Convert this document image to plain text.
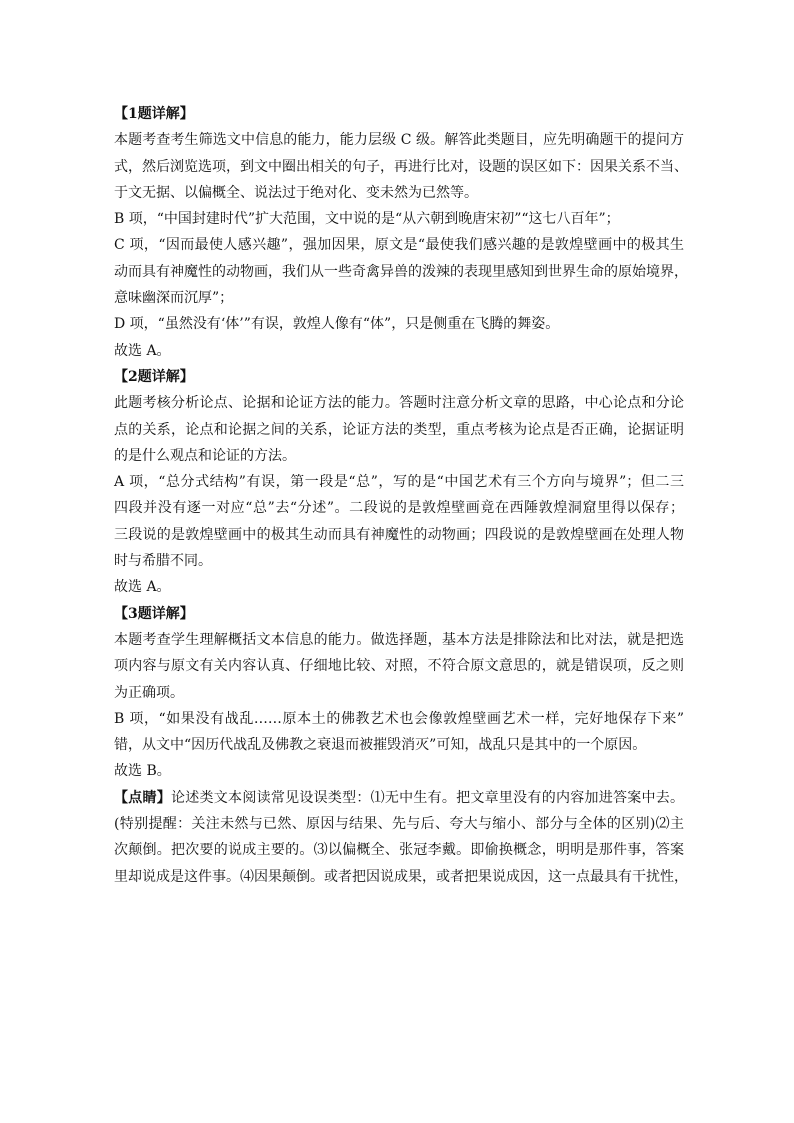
【1题详解】
本题考查考生筛选文中信息的能力，能力层级 C 级。解答此类题目，应先明确题干的提问方
式，然后浏览选项，到文中圈出相关的句子，再进行比对，设题的误区如下：因果关系不当、
于文无据、以偏概全、说法过于绝对化、变未然为已然等。
B 项，“中国封建时代”扩大范围，文中说的是“从六朝到晚唐宋初”“这七八百年”；
C 项，“因而最使人感兴趣”，强加因果，原文是“最使我们感兴趣的是敦煌壁画中的极其生
动而具有神魔性的动物画，我们从一些奇禽异兽的泼辣的表现里感知到世界生命的原始境界，
意味幽深而沉厚”；
D 项，“虽然没有‘体’”有误，敦煌人像有“体”，只是侧重在飞腾的舞姿。
故选 A。
【2题详解】
此题考核分析论点、论据和论证方法的能力。答题时注意分析文章的思路，中心论点和分论
点的关系，论点和论据之间的关系，论证方法的类型，重点考核为论点是否正确，论据证明
的是什么观点和论证的方法。
A 项，“总分式结构”有误，第一段是“总”，写的是“中国艺术有三个方向与境界”；但二三
四段并没有逐一对应“总”去“分述”。二段说的是敦煌壁画竟在西陲敦煌洞窟里得以保存；
三段说的是敦煌壁画中的极其生动而具有神魔性的动物画；四段说的是敦煌壁画在处理人物
时与希腊不同。
故选 A。
【3题详解】
本题考查学生理解概括文本信息的能力。做选择题，基本方法是排除法和比对法，就是把选
项内容与原文有关内容认真、仔细地比较、对照，不符合原文意思的，就是错误项，反之则
为正确项。
B 项，“如果没有战乱……原本土的佛教艺术也会像敦煌壁画艺术一样，完好地保存下来”
错，从文中“因历代战乱及佛教之衰退而被摧毁消灭”可知，战乱只是其中的一个原因。
故选 B。
【点睛】论述类文本阅读常见设误类型：⑴无中生有。把文章里没有的内容加进答案中去。
(特别提醒：关注未然与已然、原因与结果、先与后、夸大与缩小、部分与全体的区别)⑵主
次颠倒。把次要的说成主要的。⑶以偏概全、张冠李戴。即偷换概念，明明是那件事，答案
里却说成是这件事。⑷因果颠倒。或者把因说成果，或者把果说成因，这一点最具有干扰性，
